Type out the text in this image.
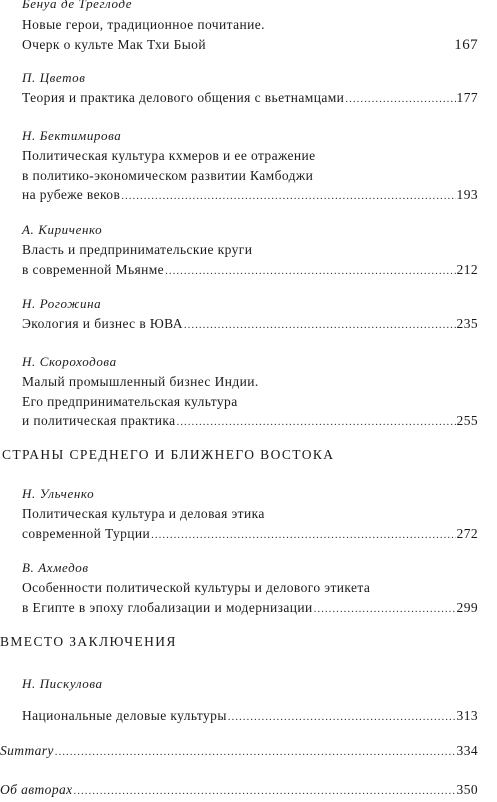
Бенуа де Треглоде
Новые герои, традиционное почитание.
Очерк о культе Мак Тхи Быой	167
П. Цветов
Теория и практика делового общения с вьетнамцами .....	177
Н. Бектимирова
Политическая культура кхмеров и ее отражение
в политико-экономическом развитии Камбоджи
на рубеже веков .....	193
А. Кириченко
Власть и предпринимательские круги
в современной Мьянме .....	212
Н. Рогожина
Экология и бизнес в ЮВА .....	235
Н. Скороходова
Малый промышленный бизнес Индии.
Его предпринимательская культура
и политическая практика .....	255
СТРАНЫ СРЕДНЕГО И БЛИЖНЕГО ВОСТОКА
Н. Ульченко
Политическая культура и деловая этика
современной Турции .....	272
В. Ахмедов
Особенности политической культуры и делового этикета
в Египте в эпоху глобализации и модернизации .....	299
ВМЕСТО ЗАКЛЮЧЕНИЯ
Н. Пискулова
Национальные деловые культуры .....	313
Summary .....	334
Об авторах .....	350
